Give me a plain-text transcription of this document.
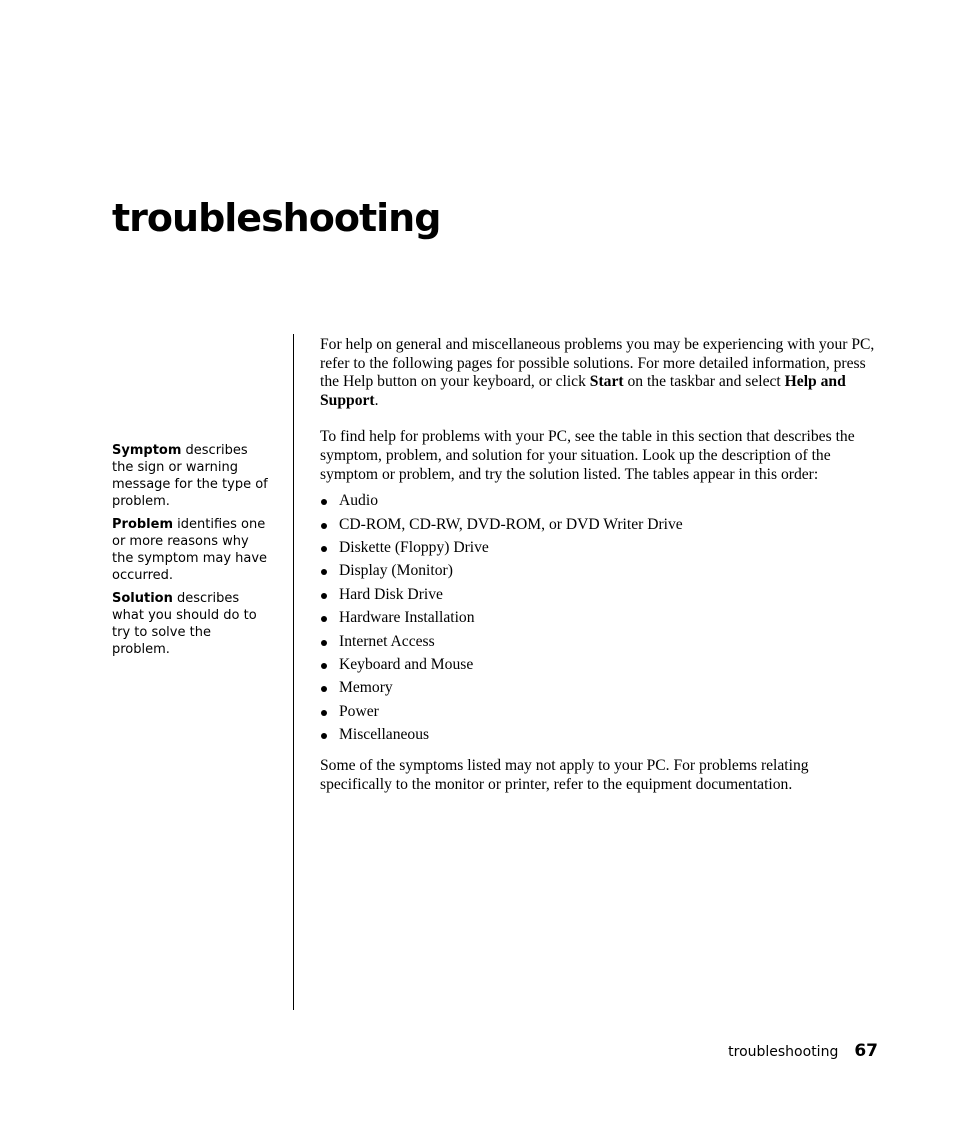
troubleshooting

Symptom describes the sign or warning message for the type of problem.

Problem identifies one or more reasons why the symptom may have occurred.

Solution describes what you should do to try to solve the problem.

For help on general and miscellaneous problems you may be experiencing with your PC, refer to the following pages for possible solutions. For more detailed information, press the Help button on your keyboard, or click Start on the taskbar and select Help and Support.

To find help for problems with your PC, see the table in this section that describes the symptom, problem, and solution for your situation. Look up the description of the symptom or problem, and try the solution listed. The tables appear in this order:

Audio
CD-ROM, CD-RW, DVD-ROM, or DVD Writer Drive
Diskette (Floppy) Drive
Display (Monitor)
Hard Disk Drive
Hardware Installation
Internet Access
Keyboard and Mouse
Memory
Power
Miscellaneous

Some of the symptoms listed may not apply to your PC. For problems relating specifically to the monitor or printer, refer to the equipment documentation.

troubleshooting 67
